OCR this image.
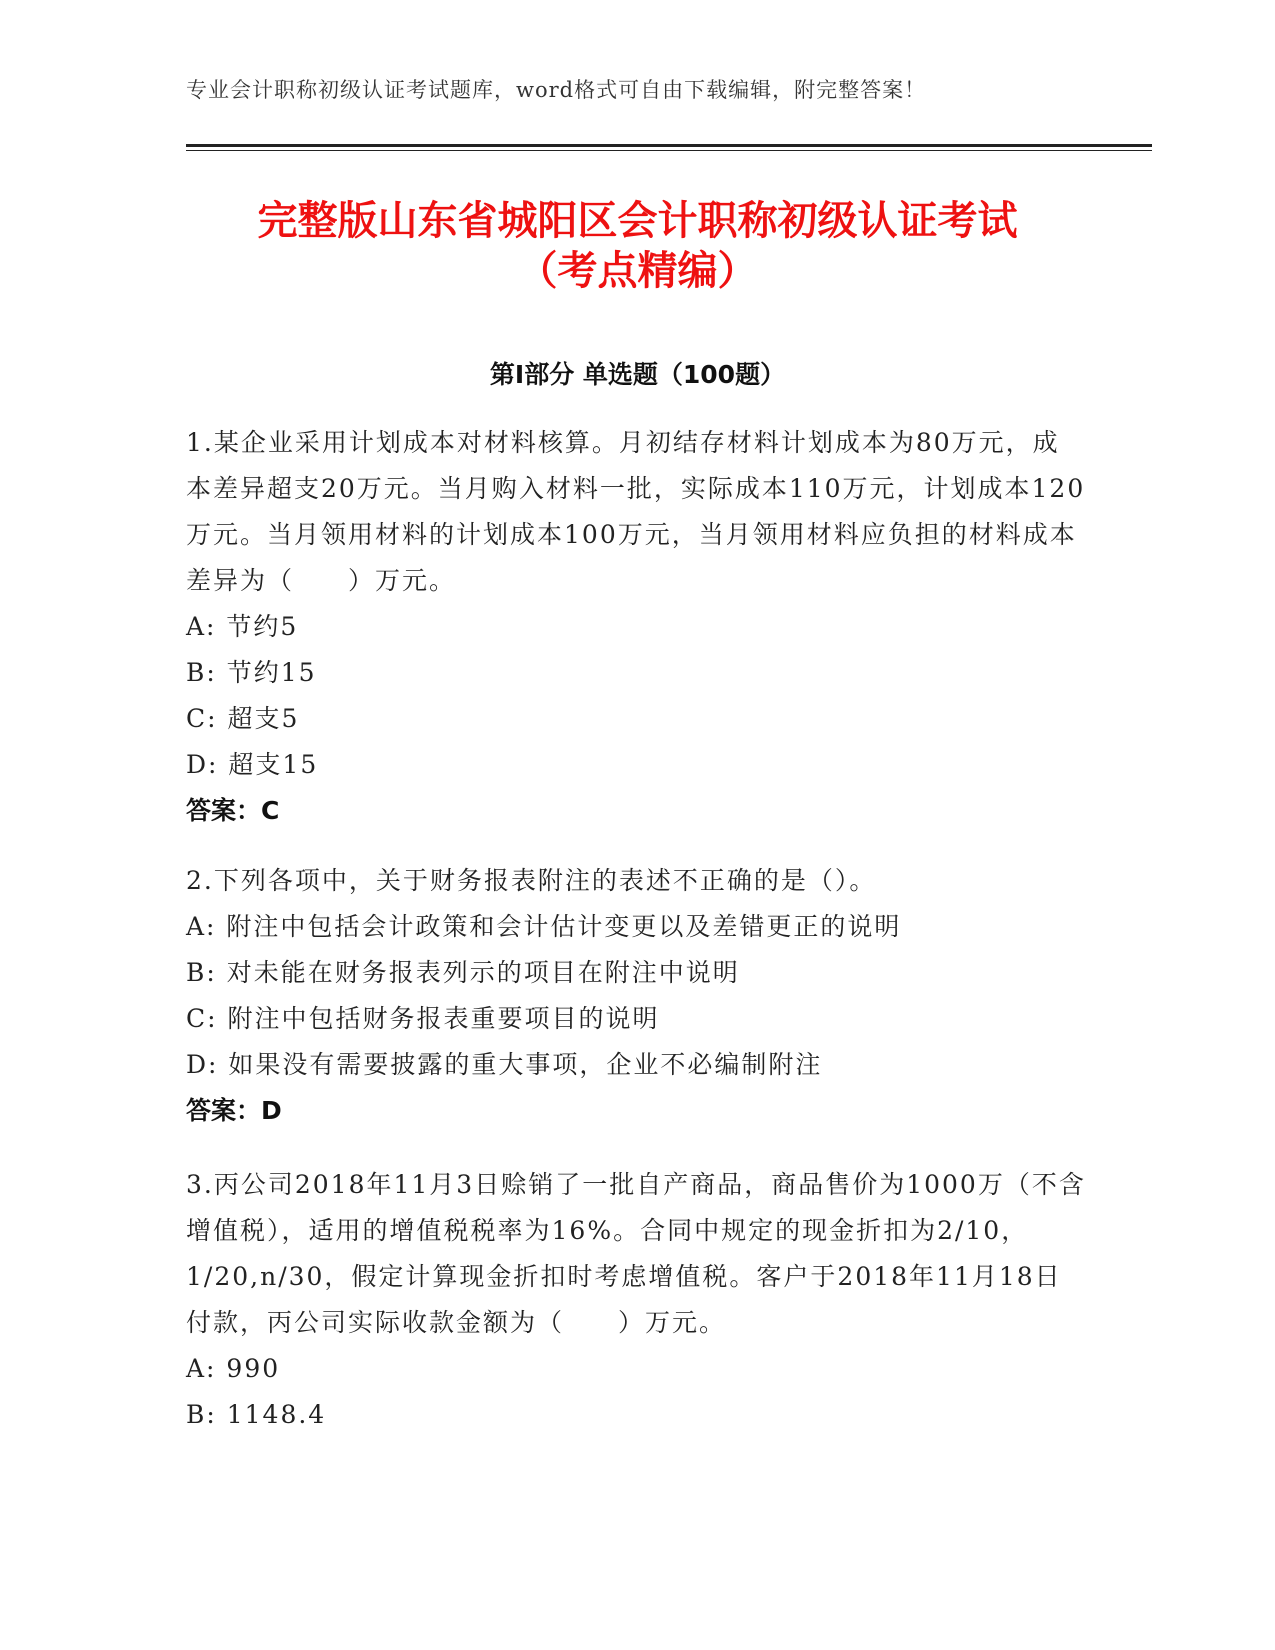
专业会计职称初级认证考试题库，word格式可自由下载编辑，附完整答案！
完整版山东省城阳区会计职称初级认证考试
（考点精编）
第Ⅰ部分 单选题（100题）

1.某企业采用计划成本对材料核算。月初结存材料计划成本为80万元，成本差异超支20万元。当月购入材料一批，实际成本110万元，计划成本120万元。当月领用材料的计划成本100万元，当月领用材料应负担的材料成本差异为（　　）万元。

A: 节约5

B: 节约15

C: 超支5

D: 超支15

答案：C

2.下列各项中，关于财务报表附注的表述不正确的是（）。

A: 附注中包括会计政策和会计估计变更以及差错更正的说明

B: 对未能在财务报表列示的项目在附注中说明

C: 附注中包括财务报表重要项目的说明

D: 如果没有需要披露的重大事项，企业不必编制附注

答案：D

3.丙公司2018年11月3日赊销了一批自产商品，商品售价为1000万（不含增值税），适用的增值税税率为16%。合同中规定的现金折扣为2/10，1/20,n/30，假定计算现金折扣时考虑增值税。客户于2018年11月18日付款，丙公司实际收款金额为（　　）万元。

A: 990

B: 1148.4
